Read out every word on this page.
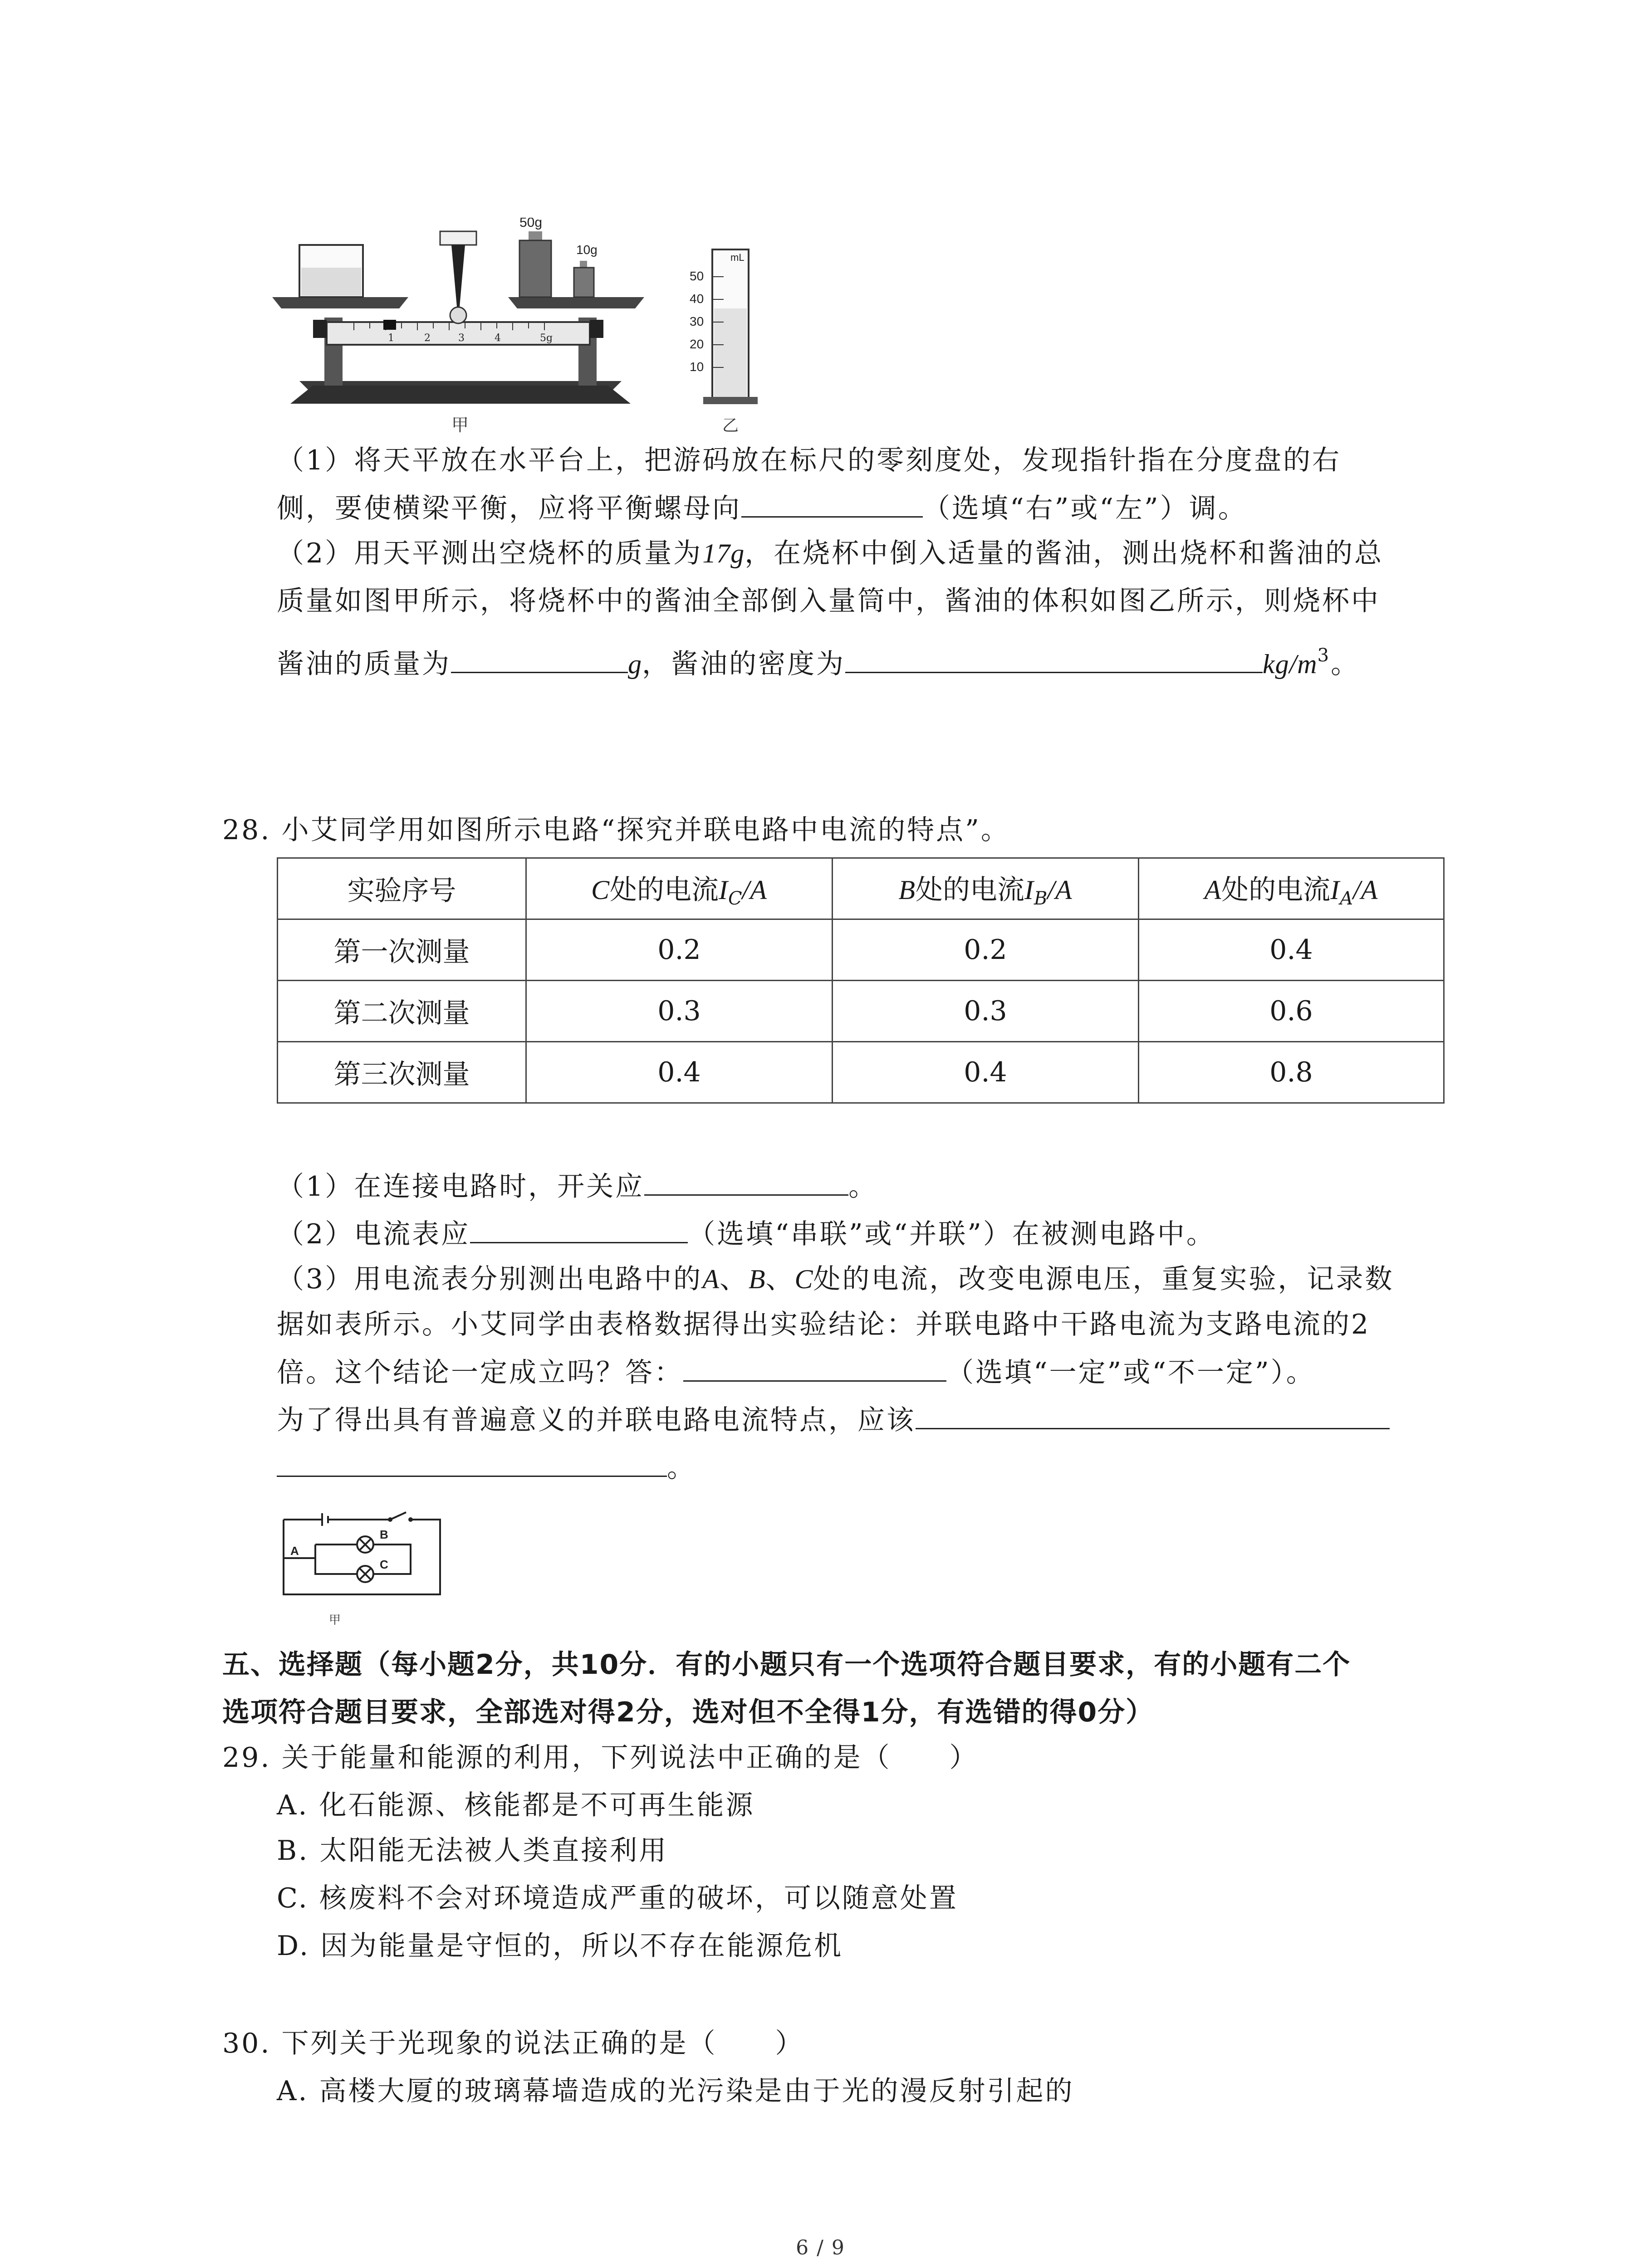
1	2	3	4	5g
50g
10g
甲
mL
50
40
30
20
10
乙
（1）将天平放在水平台上，把游码放在标尺的零刻度处，发现指针指在分度盘的右
侧，要使横梁平衡，应将平衡螺母向	（选填“右”或“左”）调。
（2）用天平测出空烧杯的质量为17g，在烧杯中倒入适量的酱油，测出烧杯和酱油的总
质量如图甲所示，将烧杯中的酱油全部倒入量筒中，酱油的体积如图乙所示，则烧杯中
酱油的质量为	g，酱油的密度为	$kg/m^3$。
28. 小艾同学用如图所示电路“探究并联电路中电流的特点”。
实验序号	C处的电流$I_C/A$	B处的电流$I_B/A$	A处的电流$I_A/A$
第一次测量	0.2	0.2	0.4
第二次测量	0.3	0.3	0.6
第三次测量	0.4	0.4	0.8
（1）在连接电路时，开关应	。
（2）电流表应	（选填“串联”或“并联”）在被测电路中。
（3）用电流表分别测出电路中的A、B、C处的电流，改变电源电压，重复实验，记录数
据如表所示。小艾同学由表格数据得出实验结论：并联电路中干路电流为支路电流的2
倍。这个结论一定成立吗？答：	（选填“一定”或“不一定”）。
为了得出具有普遍意义的并联电路电流特点，应该
。
A
B
C
甲
五、选择题（每小题2分，共10分．有的小题只有一个选项符合题目要求，有的小题有二个
选项符合题目要求，全部选对得2分，选对但不全得1分，有选错的得0分）
29. 关于能量和能源的利用，下列说法中正确的是（　　）
A. 化石能源、核能都是不可再生能源
B. 太阳能无法被人类直接利用
C. 核废料不会对环境造成严重的破坏，可以随意处置
D. 因为能量是守恒的，所以不存在能源危机
30. 下列关于光现象的说法正确的是（　　）
A. 高楼大厦的玻璃幕墙造成的光污染是由于光的漫反射引起的
6 / 9
